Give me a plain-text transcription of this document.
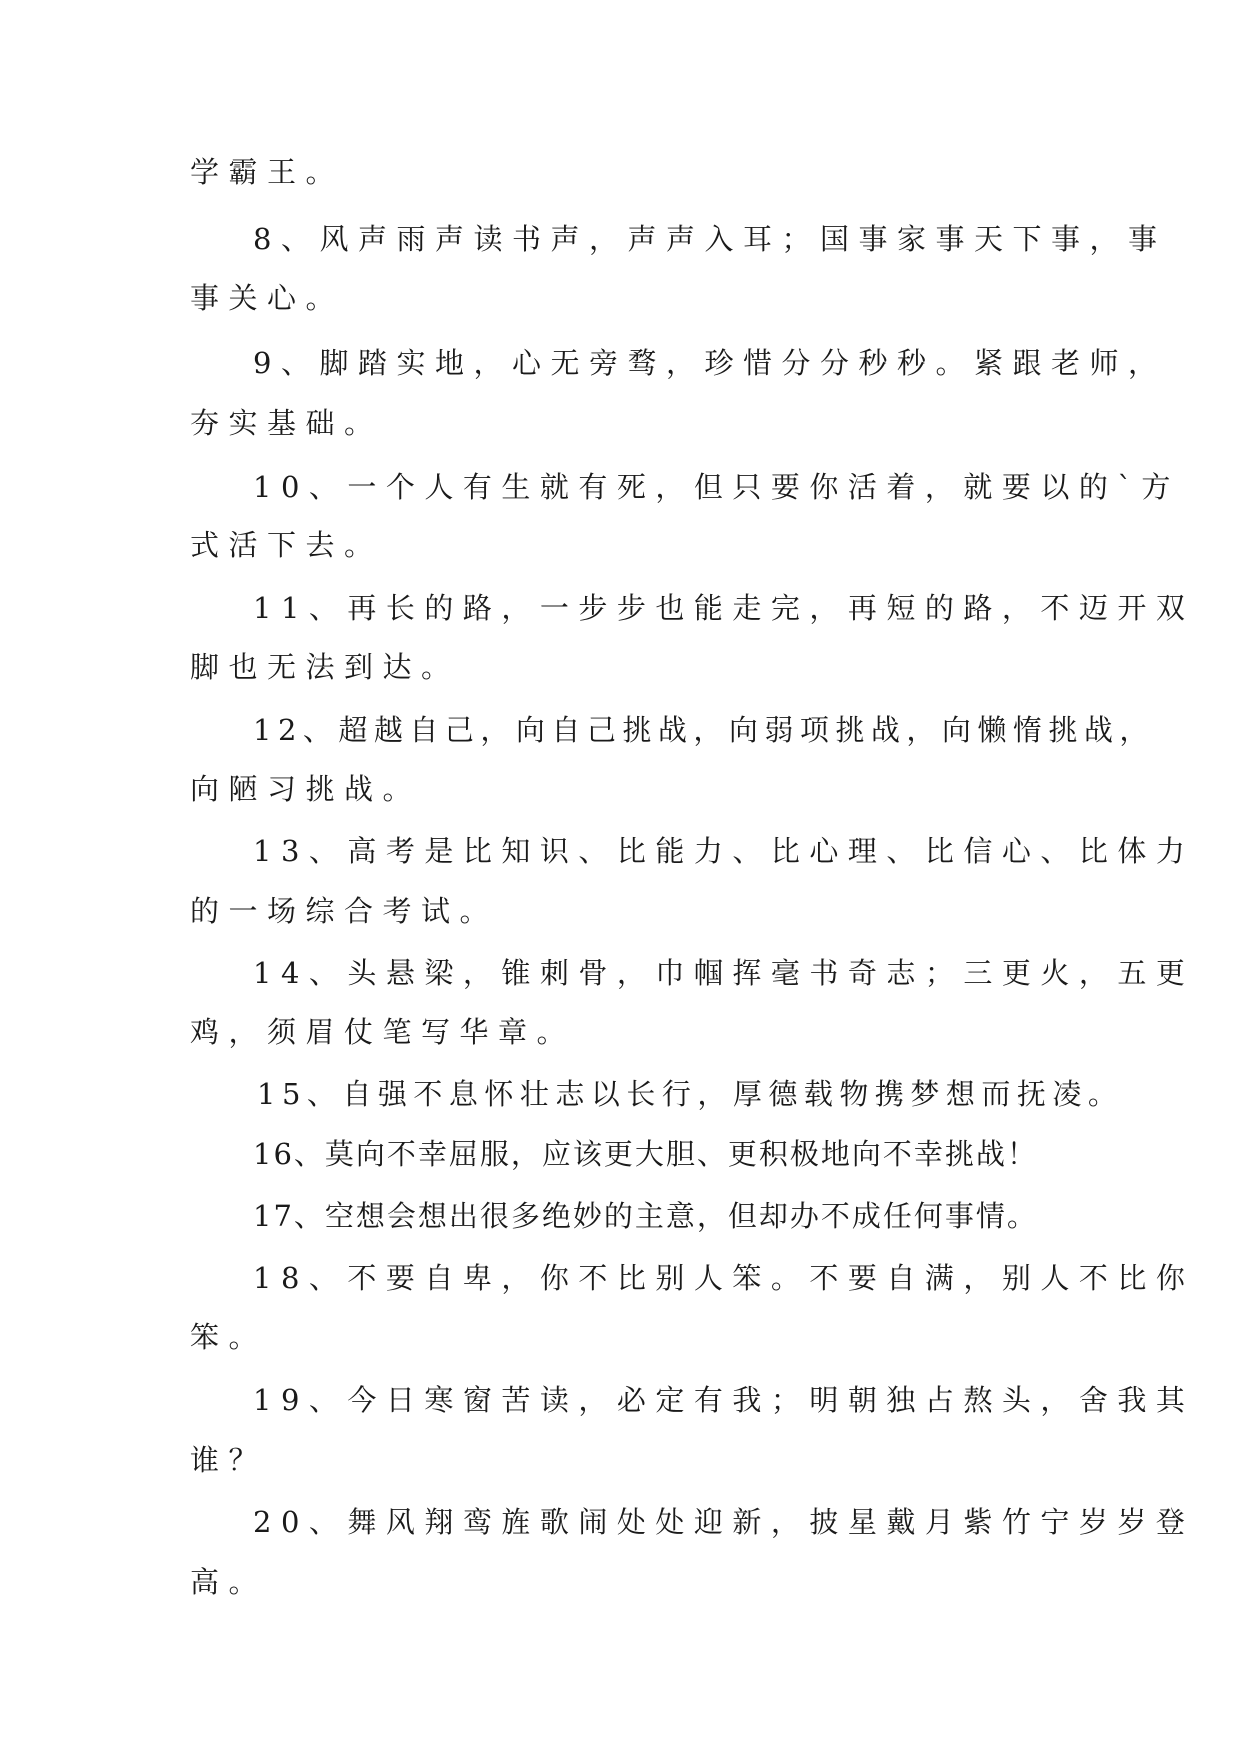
学霸王。
8、风声雨声读书声，声声入耳；国事家事天下事，事
事关心。
9、脚踏实地，心无旁骛，珍惜分分秒秒。紧跟老师，
夯实基础。
10、一个人有生就有死，但只要你活着，就要以的`方
式活下去。
11、再长的路，一步步也能走完，再短的路，不迈开双
脚也无法到达。
12、超越自己，向自己挑战，向弱项挑战，向懒惰挑战，
向陋习挑战。
13、高考是比知识、比能力、比心理、比信心、比体力
的一场综合考试。
14、头悬梁，锥刺骨，巾帼挥毫书奇志；三更火，五更
鸡，须眉仗笔写华章。
15、自强不息怀壮志以长行，厚德载物携梦想而抚凌。
16、莫向不幸屈服，应该更大胆、更积极地向不幸挑战！
17、空想会想出很多绝妙的主意，但却办不成任何事情。
18、不要自卑，你不比别人笨。不要自满，别人不比你
笨。
19、今日寒窗苦读，必定有我；明朝独占熬头，舍我其
谁？
20、舞风翔鸾旌歌闹处处迎新，披星戴月紫竹宁岁岁登
高。
